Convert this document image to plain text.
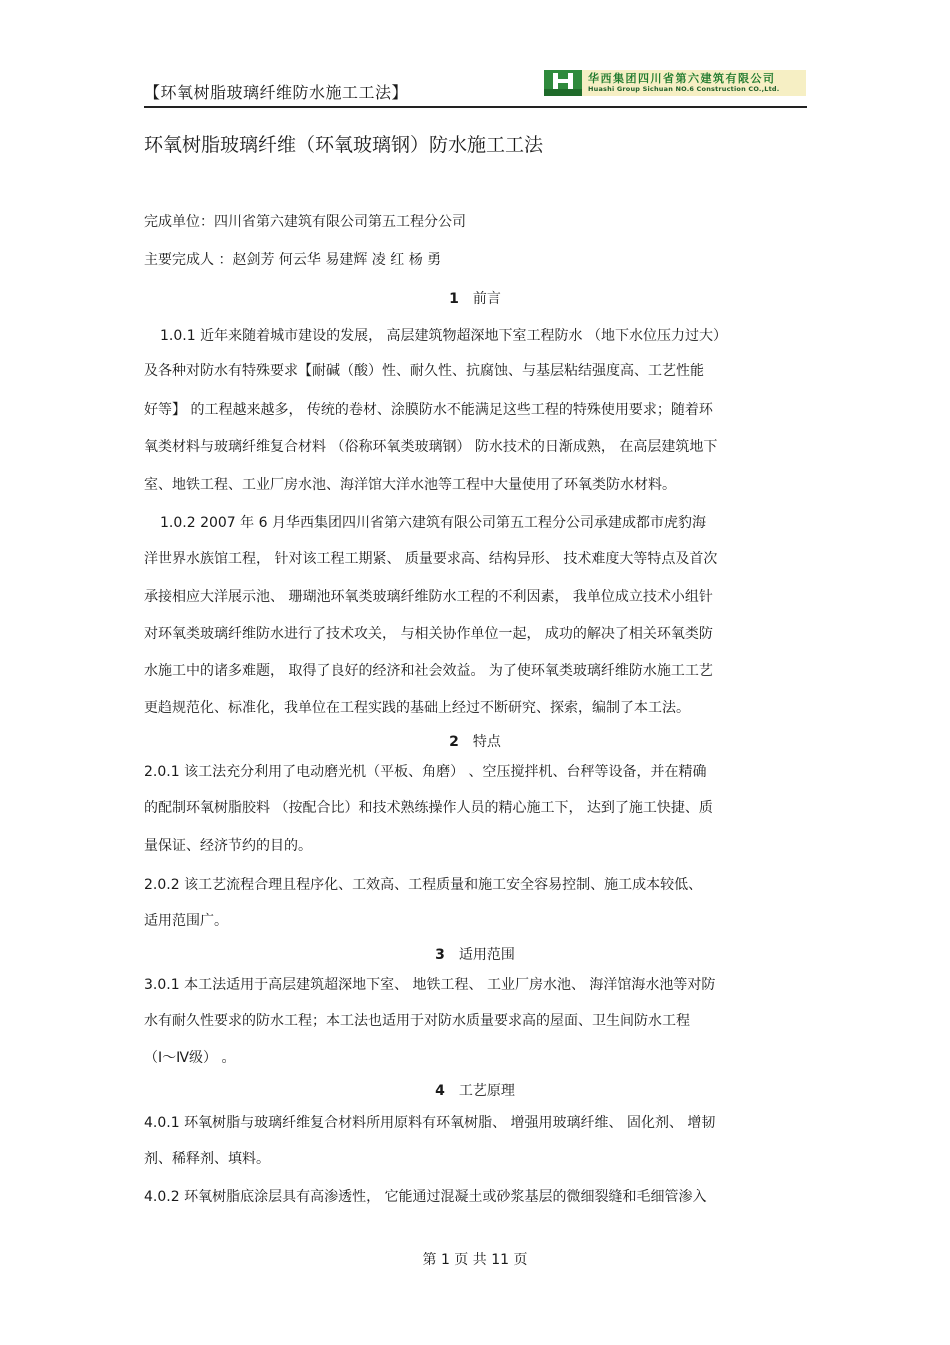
【环氧树脂玻璃纤维防水施工工法】
华西集团四川省第六建筑有限公司
Huashi Group Sichuan NO.6 Construction CO.,Ltd.
环氧树脂玻璃纤维（环氧玻璃钢）防水施工工法
完成单位：四川省第六建筑有限公司第五工程分公司
主要完成人 ：赵剑芳 何云华 易建辉 凌 红 杨 勇
1 前言
1.0.1 近年来随着城市建设的发展， 高层建筑物超深地下室工程防水 （地下水位压力过大）
及各种对防水有特殊要求【耐碱（酸）性、耐久性、抗腐蚀、与基层粘结强度高、工艺性能
好等】 的工程越来越多， 传统的卷材、涂膜防水不能满足这些工程的特殊使用要求；随着环
氧类材料与玻璃纤维复合材料 （俗称环氧类玻璃钢） 防水技术的日渐成熟， 在高层建筑地下
室、地铁工程、工业厂房水池、海洋馆大洋水池等工程中大量使用了环氧类防水材料。
1.0.2 2007 年 6 月华西集团四川省第六建筑有限公司第五工程分公司承建成都市虎豹海
洋世界水族馆工程， 针对该工程工期紧、 质量要求高、结构异形、 技术难度大等特点及首次
承接相应大洋展示池、 珊瑚池环氧类玻璃纤维防水工程的不利因素， 我单位成立技术小组针
对环氧类玻璃纤维防水进行了技术攻关， 与相关协作单位一起， 成功的解决了相关环氧类防
水施工中的诸多难题， 取得了良好的经济和社会效益。 为了使环氧类玻璃纤维防水施工工艺
更趋规范化、标准化，我单位在工程实践的基础上经过不断研究、探索，编制了本工法。
2 特点
2.0.1 该工法充分利用了电动磨光机（平板、角磨） 、空压搅拌机、台秤等设备，并在精确
的配制环氧树脂胶料 （按配合比）和技术熟练操作人员的精心施工下， 达到了施工快捷、质
量保证、经济节约的目的。
2.0.2 该工艺流程合理且程序化、工效高、工程质量和施工安全容易控制、施工成本较低、
适用范围广。
3 适用范围
3.0.1 本工法适用于高层建筑超深地下室、 地铁工程、 工业厂房水池、 海洋馆海水池等对防
水有耐久性要求的防水工程；本工法也适用于对防水质量要求高的屋面、卫生间防水工程
（Ⅰ～Ⅳ级） 。
4 工艺原理
4.0.1 环氧树脂与玻璃纤维复合材料所用原料有环氧树脂、 增强用玻璃纤维、 固化剂、 增韧
剂、稀释剂、填料。
4.0.2 环氧树脂底涂层具有高渗透性， 它能通过混凝土或砂浆基层的微细裂缝和毛细管渗入
第 1 页 共 11 页
